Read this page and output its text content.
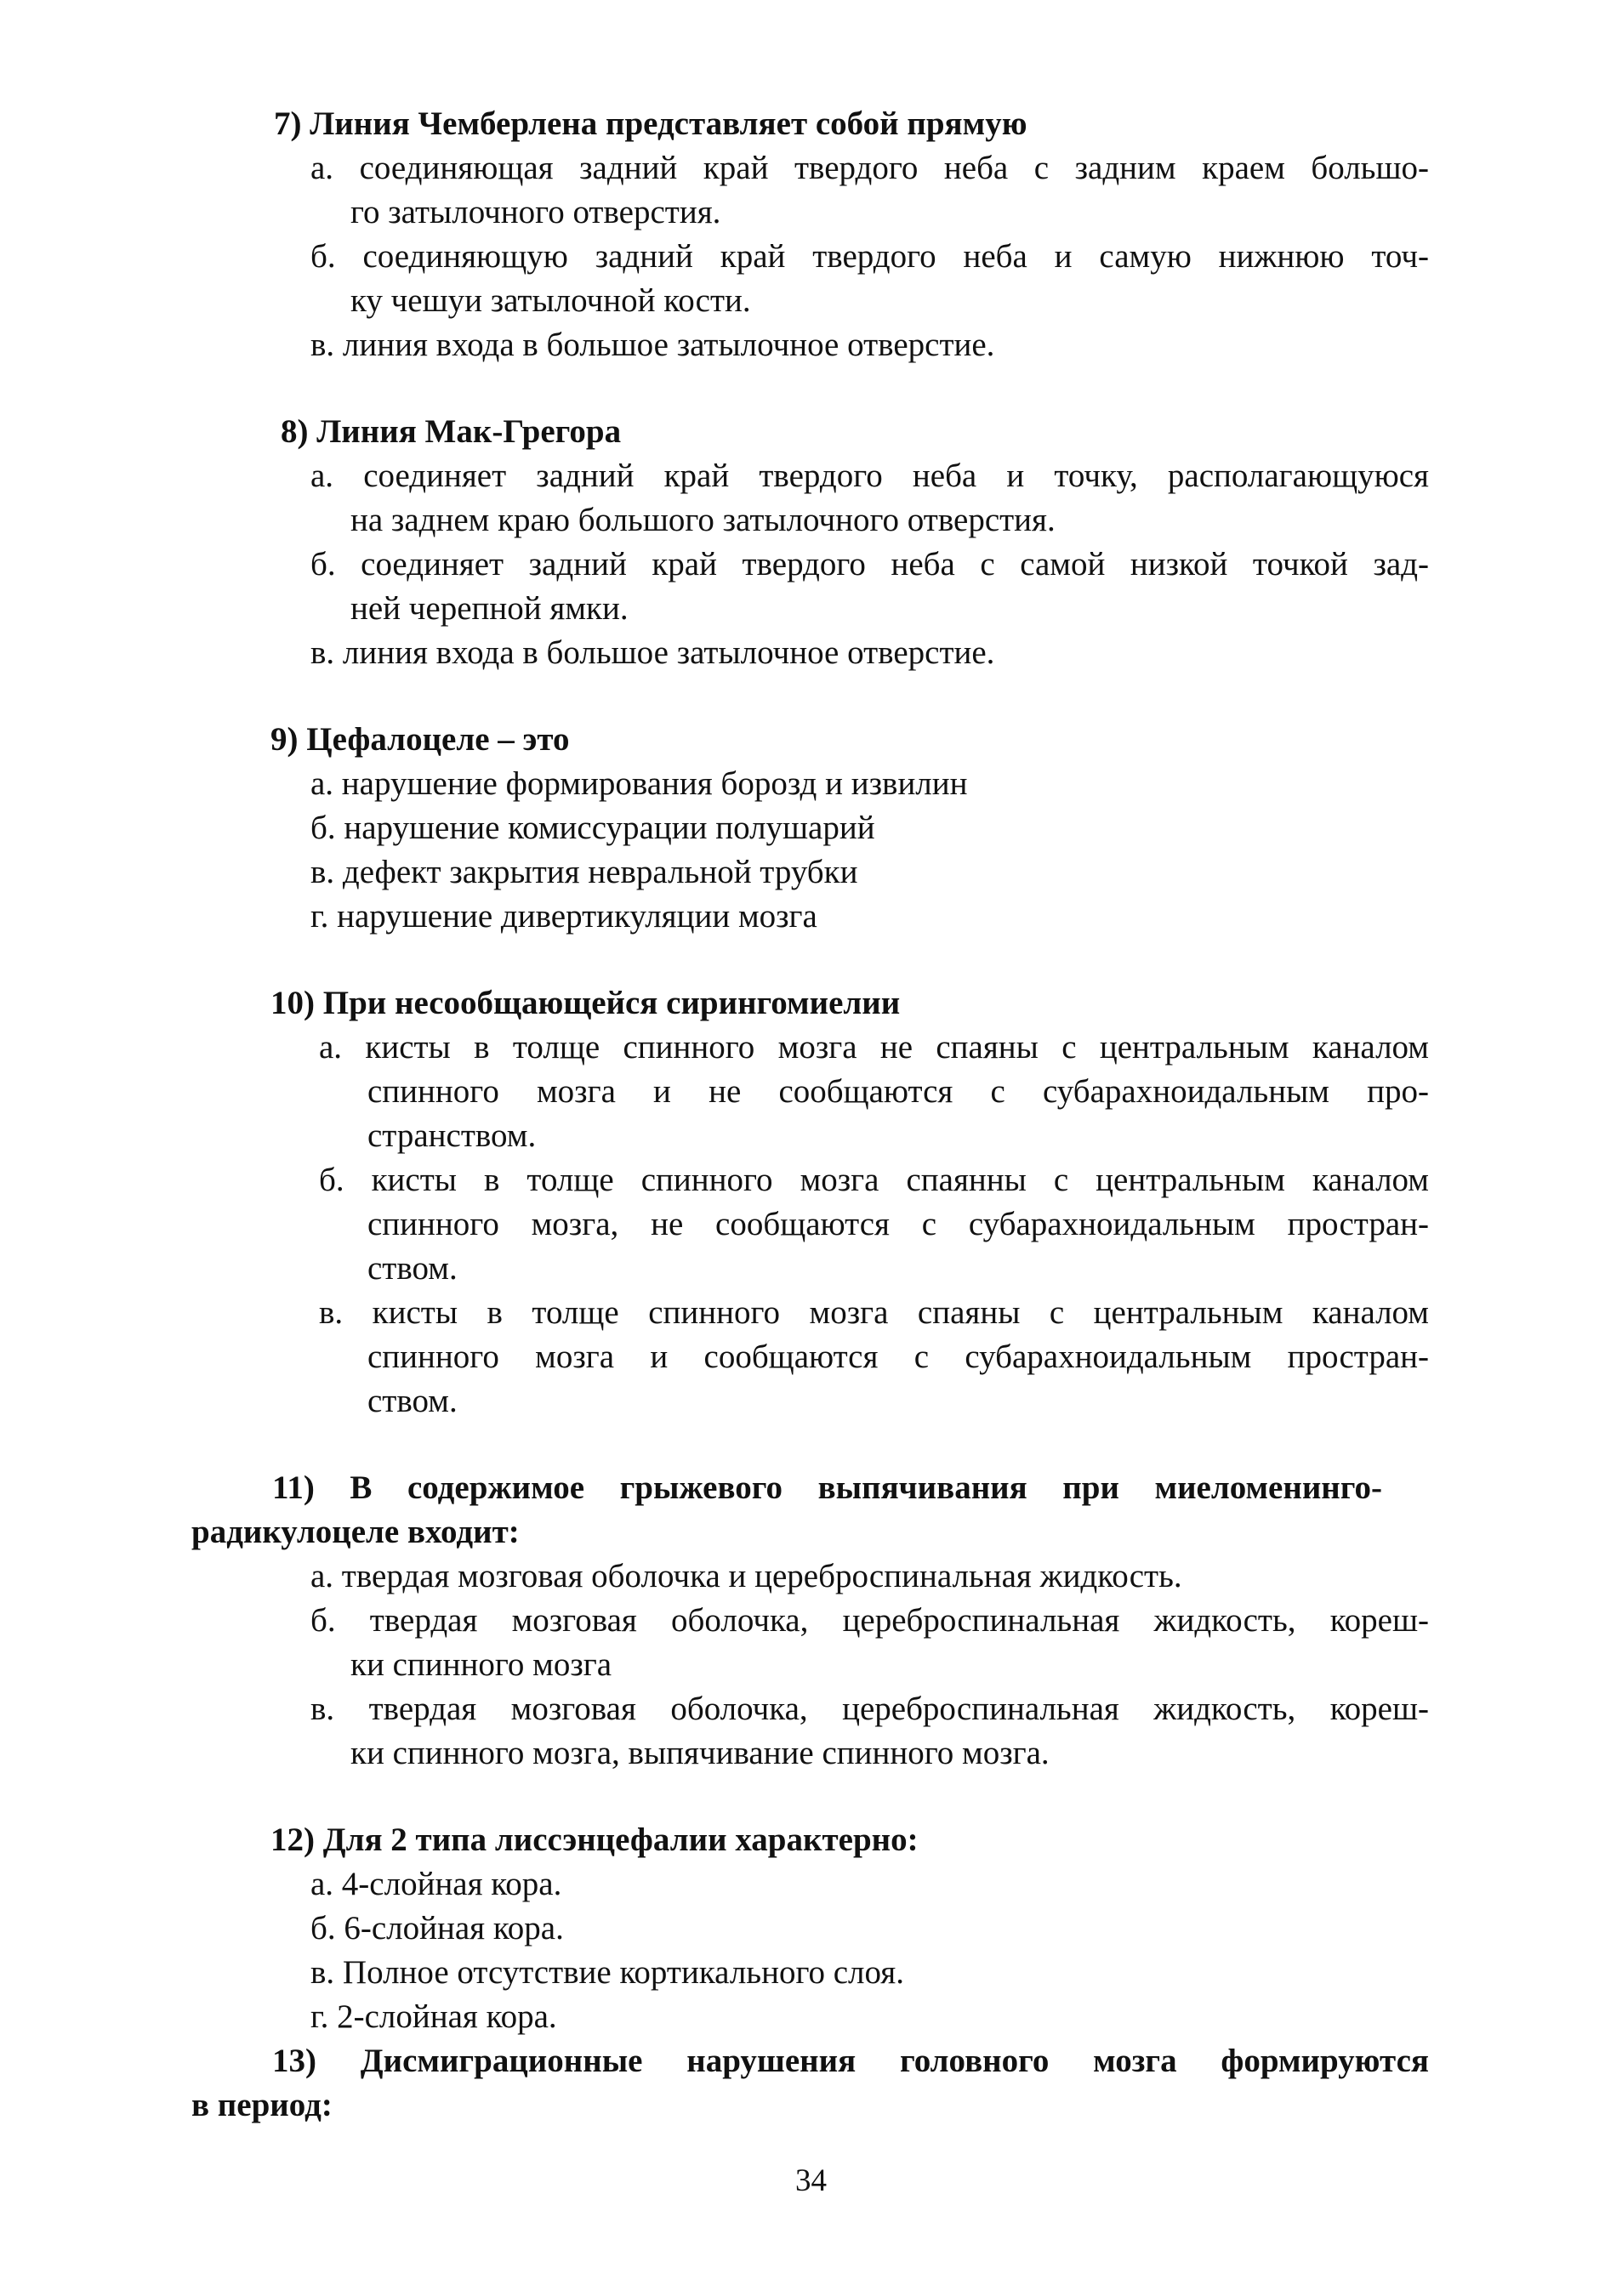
7) Линия Чемберлена представляет собой прямую
а. соединяющая задний край твердого неба с задним краем большо-
го затылочного отверстия.
б. соединяющую задний край твердого неба и самую нижнюю точ-
ку чешуи затылочной кости.
в. линия входа в большое затылочное отверстие.
8) Линия Мак-Грегора
а. соединяет задний край твердого неба и точку, располагающуюся
на заднем краю большого затылочного отверстия.
б. соединяет задний край твердого неба с самой низкой точкой зад-
ней черепной ямки.
в. линия входа в большое затылочное отверстие.
9) Цефалоцеле – это
а. нарушение формирования борозд и извилин
б. нарушение комиссурации полушарий
в. дефект закрытия невральной трубки
г. нарушение дивертикуляции мозга
10) При несообщающейся сирингомиелии
а. кисты в толще спинного мозга не спаяны с центральным каналом
спинного мозга и не сообщаются с субарахноидальным про-
странством.
б. кисты в толще спинного мозга спаянны с центральным каналом
спинного мозга, не сообщаются с субарахноидальным простран-
ством.
в. кисты в толще спинного мозга спаяны с центральным каналом
спинного мозга и сообщаются с субарахноидальным простран-
ством.
11) В содержимое грыжевого выпячивания при миеломенинго-
радикулоцеле входит:
а. твердая мозговая оболочка и цереброспинальная жидкость.
б. твердая мозговая оболочка, цереброспинальная жидкость, кореш-
ки спинного мозга
в. твердая мозговая оболочка, цереброспинальная жидкость, кореш-
ки спинного мозга, выпячивание спинного мозга.
12) Для 2 типа лиссэнцефалии характерно:
а. 4-слойная кора.
б. 6-слойная кора.
в. Полное отсутствие кортикального слоя.
г. 2-слойная кора.
13) Дисмиграционные нарушения головного мозга формируются
в период:
34
